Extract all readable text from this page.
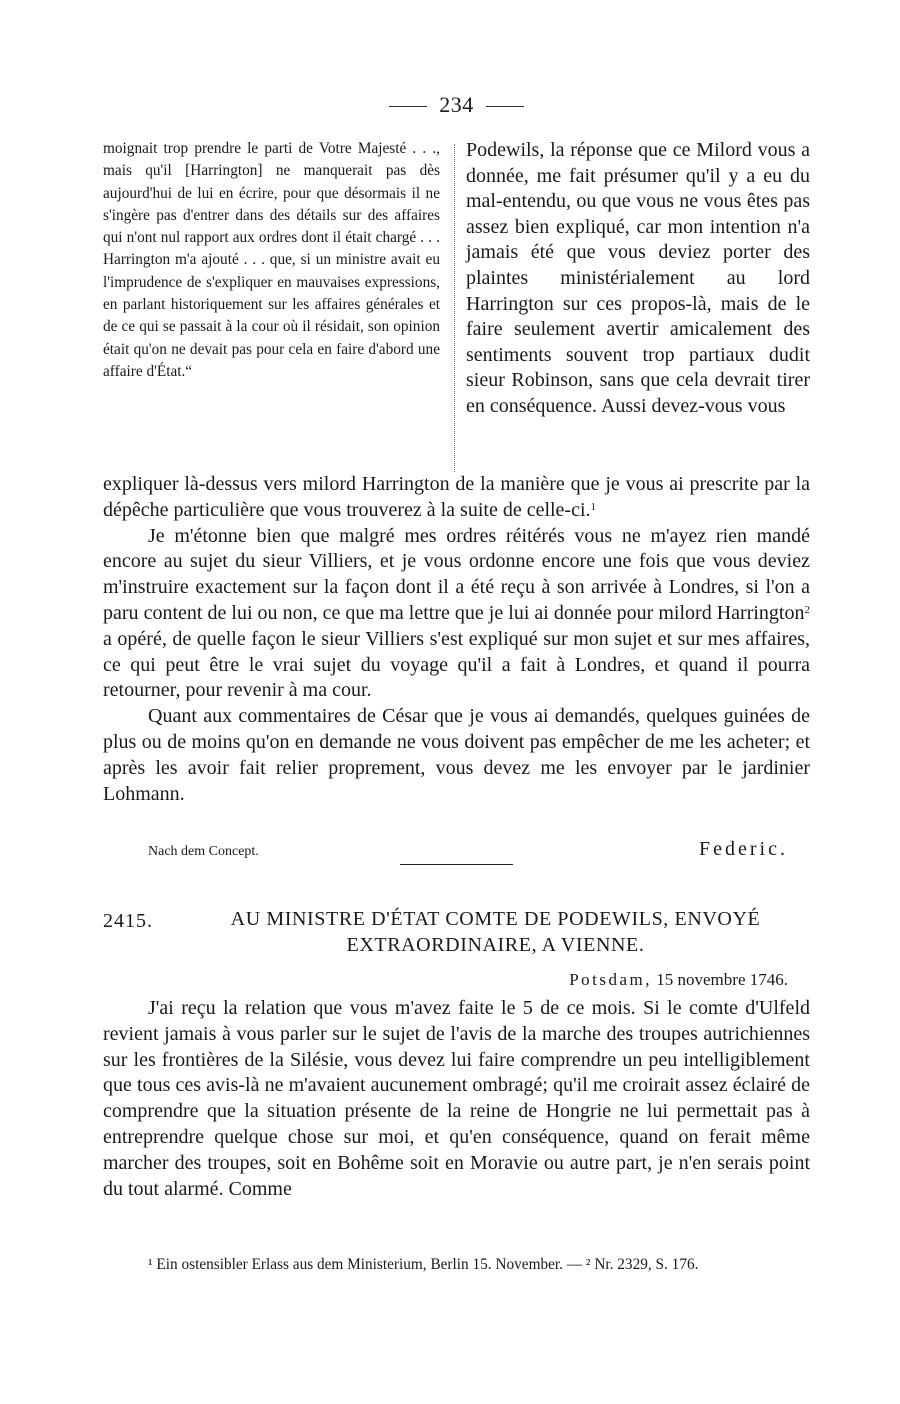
234

moignait trop prendre le parti de Votre Majesté . . ., mais qu'il [Harrington] ne manquerait pas dès aujourd'hui de lui en écrire, pour que désormais il ne s'ingère pas d'entrer dans des détails sur des affaires qui n'ont nul rapport aux ordres dont il était chargé . . . Harrington m'a ajouté . . . que, si un ministre avait eu l'imprudence de s'expliquer en mauvaises expressions, en parlant historiquement sur les affaires générales et de ce qui se passait à la cour où il résidait, son opinion était qu'on ne devait pas pour cela en faire d'abord une affaire d'État.“

Podewils, la réponse que ce Milord vous a donnée, me fait présumer qu'il y a eu du mal-entendu, ou que vous ne vous êtes pas assez bien expliqué, car mon intention n'a jamais été que vous deviez porter des plaintes ministérialement au lord Harrington sur ces propos-là, mais de le faire seulement avertir amicalement des sentiments souvent trop partiaux dudit sieur Robinson, sans que cela devrait tirer en conséquence. Aussi devez-vous vous

expliquer là-dessus vers milord Harrington de la manière que je vous ai prescrite par la dépêche particulière que vous trouverez à la suite de celle-ci.$^1$

Je m'étonne bien que malgré mes ordres réitérés vous ne m'ayez rien mandé encore au sujet du sieur Villiers, et je vous ordonne encore une fois que vous deviez m'instruire exactement sur la façon dont il a été reçu à son arrivée à Londres, si l'on a paru content de lui ou non, ce que ma lettre que je lui ai donnée pour milord Harrington$^2$ a opéré, de quelle façon le sieur Villiers s'est expliqué sur mon sujet et sur mes affaires, ce qui peut être le vrai sujet du voyage qu'il a fait à Londres, et quand il pourra retourner, pour revenir à ma cour.

Quant aux commentaires de César que je vous ai demandés, quelques guinées de plus ou de moins qu'on en demande ne vous doivent pas empêcher de me les acheter; et après les avoir fait relier proprement, vous devez me les envoyer par le jardinier Lohmann.

Nach dem Concept.	Federic.
2415.	AU MINISTRE D'ÉTAT COMTE DE PODEWILS, ENVOYÉ EXTRAORDINAIRE, A VIENNE.
Potsdam, 15 novembre 1746.

J'ai reçu la relation que vous m'avez faite le 5 de ce mois. Si le comte d'Ulfeld revient jamais à vous parler sur le sujet de l'avis de la marche des troupes autrichiennes sur les frontières de la Silésie, vous devez lui faire comprendre un peu intelligiblement que tous ces avis-là ne m'avaient aucunement ombragé; qu'il me croirait assez éclairé de comprendre que la situation présente de la reine de Hongrie ne lui permettait pas à entreprendre quelque chose sur moi, et qu'en conséquence, quand on ferait même marcher des troupes, soit en Bohême soit en Moravie ou autre part, je n'en serais point du tout alarmé. Comme

¹ Ein ostensibler Erlass aus dem Ministerium, Berlin 15. November. — ² Nr. 2329, S. 176.
